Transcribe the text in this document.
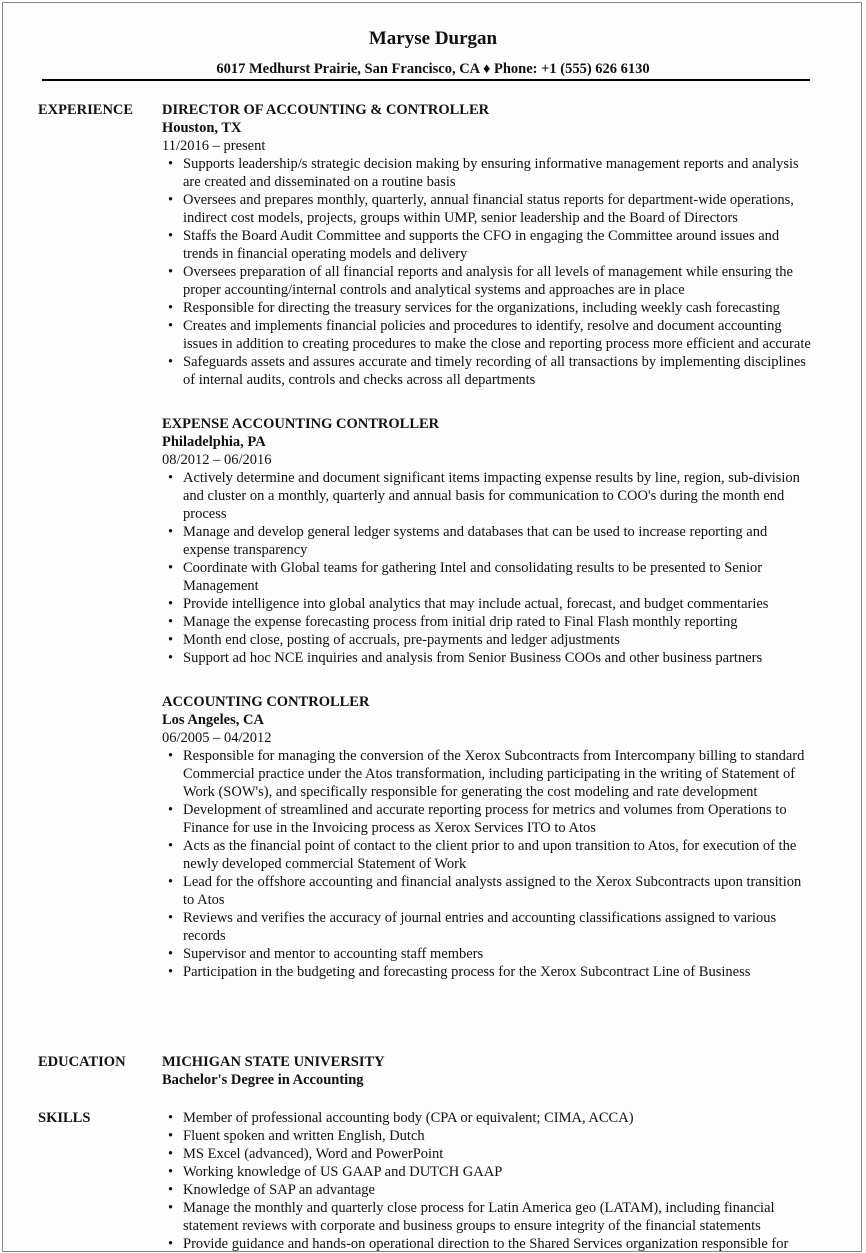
Maryse Durgan
6017 Medhurst Prairie, San Francisco, CA ♦ Phone: +1 (555) 626 6130
EXPERIENCE DIRECTOR OF ACCOUNTING & CONTROLLER
Houston, TX
11/2016 – present
• Supports leadership/s strategic decision making by ensuring informative management reports and analysis are created and disseminated on a routine basis
• Oversees and prepares monthly, quarterly, annual financial status reports for department-wide operations, indirect cost models, projects, groups within UMP, senior leadership and the Board of Directors
• Staffs the Board Audit Committee and supports the CFO in engaging the Committee around issues and trends in financial operating models and delivery
• Oversees preparation of all financial reports and analysis for all levels of management while ensuring the proper accounting/internal controls and analytical systems and approaches are in place
• Responsible for directing the treasury services for the organizations, including weekly cash forecasting
• Creates and implements financial policies and procedures to identify, resolve and document accounting issues in addition to creating procedures to make the close and reporting process more efficient and accurate
• Safeguards assets and assures accurate and timely recording of all transactions by implementing disciplines of internal audits, controls and checks across all departments
EXPENSE ACCOUNTING CONTROLLER
Philadelphia, PA
08/2012 – 06/2016
• Actively determine and document significant items impacting expense results by line, region, sub-division and cluster on a monthly, quarterly and annual basis for communication to COO's during the month end process
• Manage and develop general ledger systems and databases that can be used to increase reporting and expense transparency
• Coordinate with Global teams for gathering Intel and consolidating results to be presented to Senior Management
• Provide intelligence into global analytics that may include actual, forecast, and budget commentaries
• Manage the expense forecasting process from initial drip rated to Final Flash monthly reporting
• Month end close, posting of accruals, pre-payments and ledger adjustments
• Support ad hoc NCE inquiries and analysis from Senior Business COOs and other business partners
ACCOUNTING CONTROLLER
Los Angeles, CA
06/2005 – 04/2012
• Responsible for managing the conversion of the Xerox Subcontracts from Intercompany billing to standard Commercial practice under the Atos transformation, including participating in the writing of Statement of Work (SOW's), and specifically responsible for generating the cost modeling and rate development
• Development of streamlined and accurate reporting process for metrics and volumes from Operations to Finance for use in the Invoicing process as Xerox Services ITO to Atos
• Acts as the financial point of contact to the client prior to and upon transition to Atos, for execution of the newly developed commercial Statement of Work
• Lead for the offshore accounting and financial analysts assigned to the Xerox Subcontracts upon transition to Atos
• Reviews and verifies the accuracy of journal entries and accounting classifications assigned to various records
• Supervisor and mentor to accounting staff members
• Participation in the budgeting and forecasting process for the Xerox Subcontract Line of Business
EDUCATION	MICHIGAN STATE UNIVERSITY
Bachelor's Degree in Accounting
SKILLS	• Member of professional accounting body (CPA or equivalent; CIMA, ACCA)
• Fluent spoken and written English, Dutch
• MS Excel (advanced), Word and PowerPoint
• Working knowledge of US GAAP and DUTCH GAAP
• Knowledge of SAP an advantage
• Manage the monthly and quarterly close process for Latin America geo (LATAM), including financial statement reviews with corporate and business groups to ensure integrity of the financial statements
• Provide guidance and hands-on operational direction to the Shared Services organization responsible for
